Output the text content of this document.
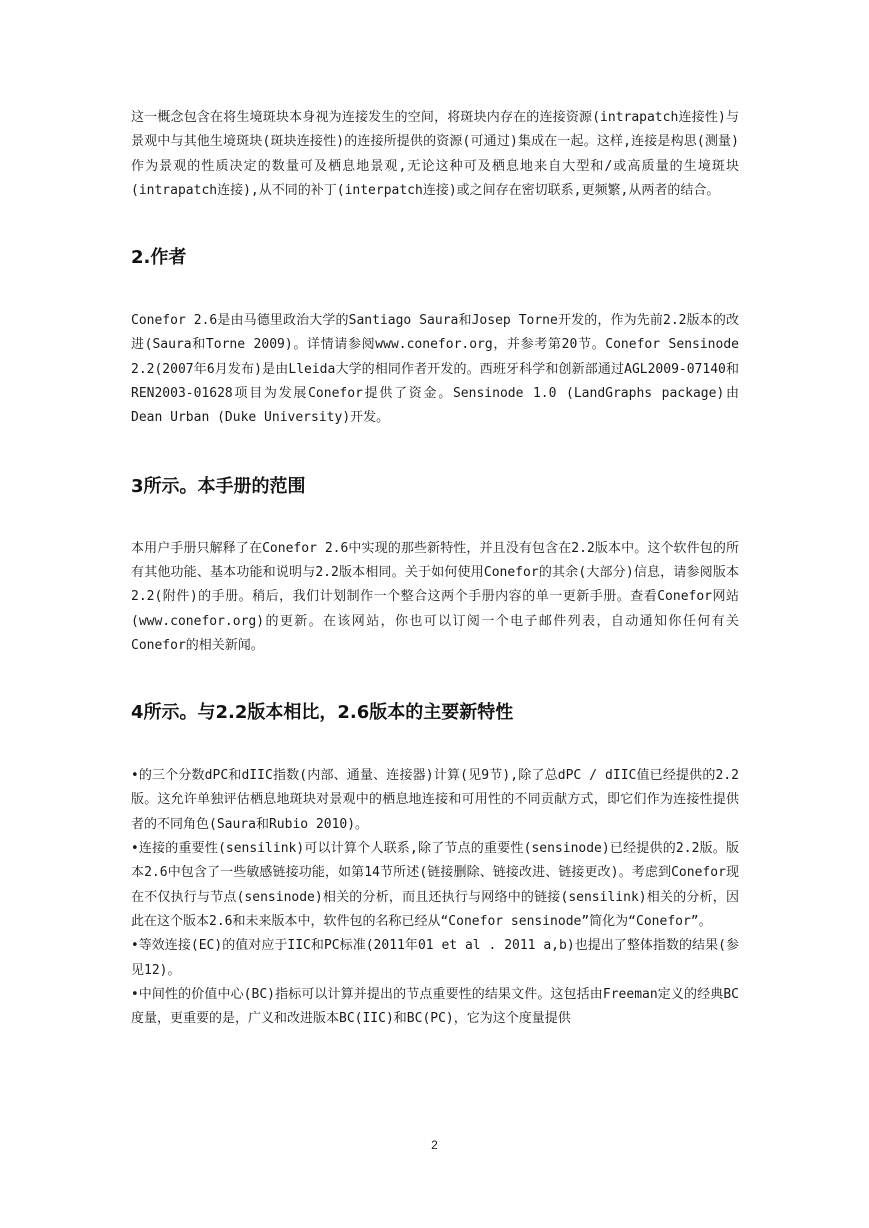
这一概念包含在将生境斑块本身视为连接发生的空间，将斑块内存在的连接资源(intrapatch连接性)与景观中与其他生境斑块(斑块连接性)的连接所提供的资源(可通过)集成在一起。这样,连接是构思(测量)作为景观的性质决定的数量可及栖息地景观,无论这种可及栖息地来自大型和/或高质量的生境斑块(intrapatch连接),从不同的补丁(interpatch连接)或之间存在密切联系,更频繁,从两者的结合。

2.作者

Conefor 2.6是由马德里政治大学的Santiago Saura和Josep Torne开发的，作为先前2.2版本的改进(Saura和Torne 2009)。详情请参阅www.conefor.org，并参考第20节。Conefor Sensinode 2.2(2007年6月发布)是由Lleida大学的相同作者开发的。西班牙科学和创新部通过AGL2009-07140和REN2003-01628项目为发展Conefor提供了资金。Sensinode 1.0 (LandGraphs package)由Dean Urban (Duke University)开发。

3所示。本手册的范围

本用户手册只解释了在Conefor 2.6中实现的那些新特性，并且没有包含在2.2版本中。这个软件包的所有其他功能、基本功能和说明与2.2版本相同。关于如何使用Conefor的其余(大部分)信息，请参阅版本2.2(附件)的手册。稍后，我们计划制作一个整合这两个手册内容的单一更新手册。查看Conefor网站(www.conefor.org)的更新。在该网站，你也可以订阅一个电子邮件列表，自动通知你任何有关Conefor的相关新闻。

4所示。与2.2版本相比，2.6版本的主要新特性

•的三个分数dPC和dIIC指数(内部、通量、连接器)计算(见9节),除了总dPC / dIIC值已经提供的2.2版。这允许单独评估栖息地斑块对景观中的栖息地连接和可用性的不同贡献方式，即它们作为连接性提供者的不同角色(Saura和Rubio 2010)。

•连接的重要性(sensilink)可以计算个人联系,除了节点的重要性(sensinode)已经提供的2.2版。版本2.6中包含了一些敏感链接功能，如第14节所述(链接删除、链接改进、链接更改)。考虑到Conefor现在不仅执行与节点(sensinode)相关的分析，而且还执行与网络中的链接(sensilink)相关的分析，因此在这个版本2.6和未来版本中，软件包的名称已经从“Conefor sensinode”简化为“Conefor”。

•等效连接(EC)的值对应于IIC和PC标准(2011年01 et al . 2011 a,b)也提出了整体指数的结果(参见12)。

•中间性的价值中心(BC)指标可以计算并提出的节点重要性的结果文件。这包括由Freeman定义的经典BC度量，更重要的是，广义和改进版本BC(IIC)和BC(PC)，它为这个度量提供

2
